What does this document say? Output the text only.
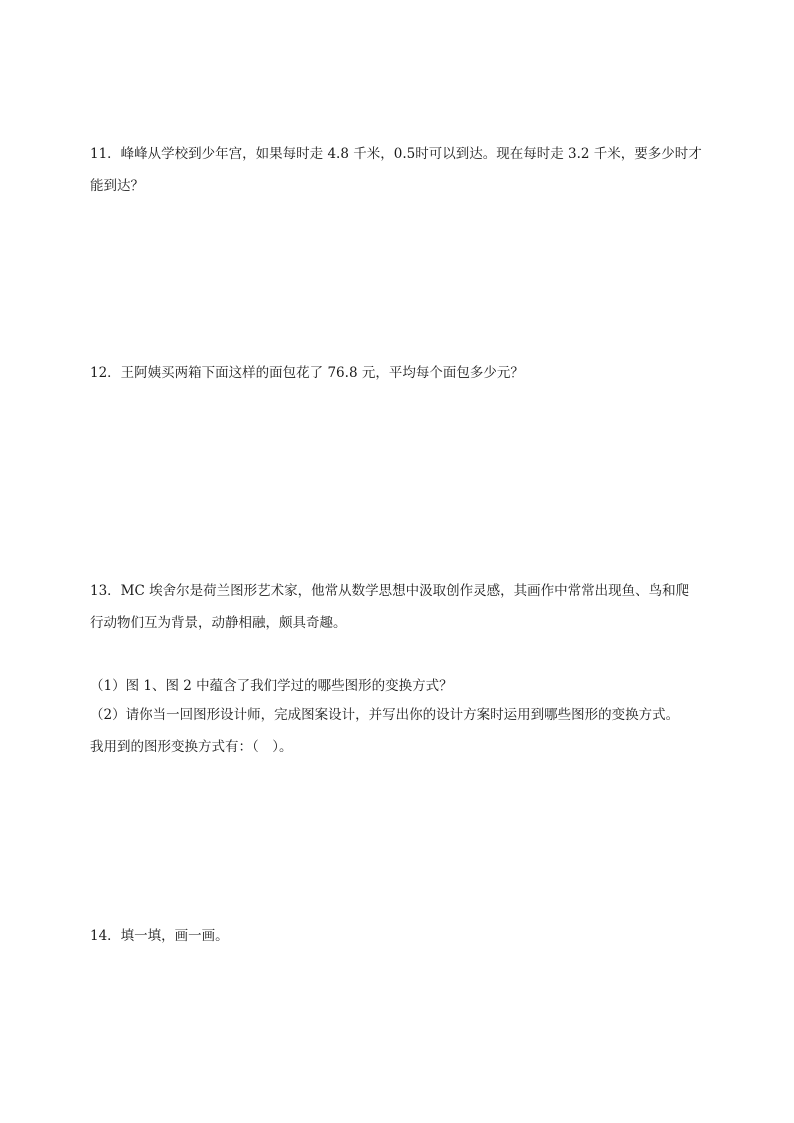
11．峰峰从学校到少年宫，如果每时走 4.8 千米，0.5时可以到达。现在每时走 3.2 千米，要多少时才
能到达？
12．王阿姨买两箱下面这样的面包花了 76.8 元，平均每个面包多少元？
13．MC 埃舍尔是荷兰图形艺术家，他常从数学思想中汲取创作灵感，其画作中常常出现鱼、鸟和爬
行动物们互为背景，动静相融，颇具奇趣。
（1）图 1、图 2 中蕴含了我们学过的哪些图形的变换方式？
（2）请你当一回图形设计师，完成图案设计，并写出你的设计方案时运用到哪些图形的变换方式。
我用到的图形变换方式有：（　）。
14．填一填，画一画。
